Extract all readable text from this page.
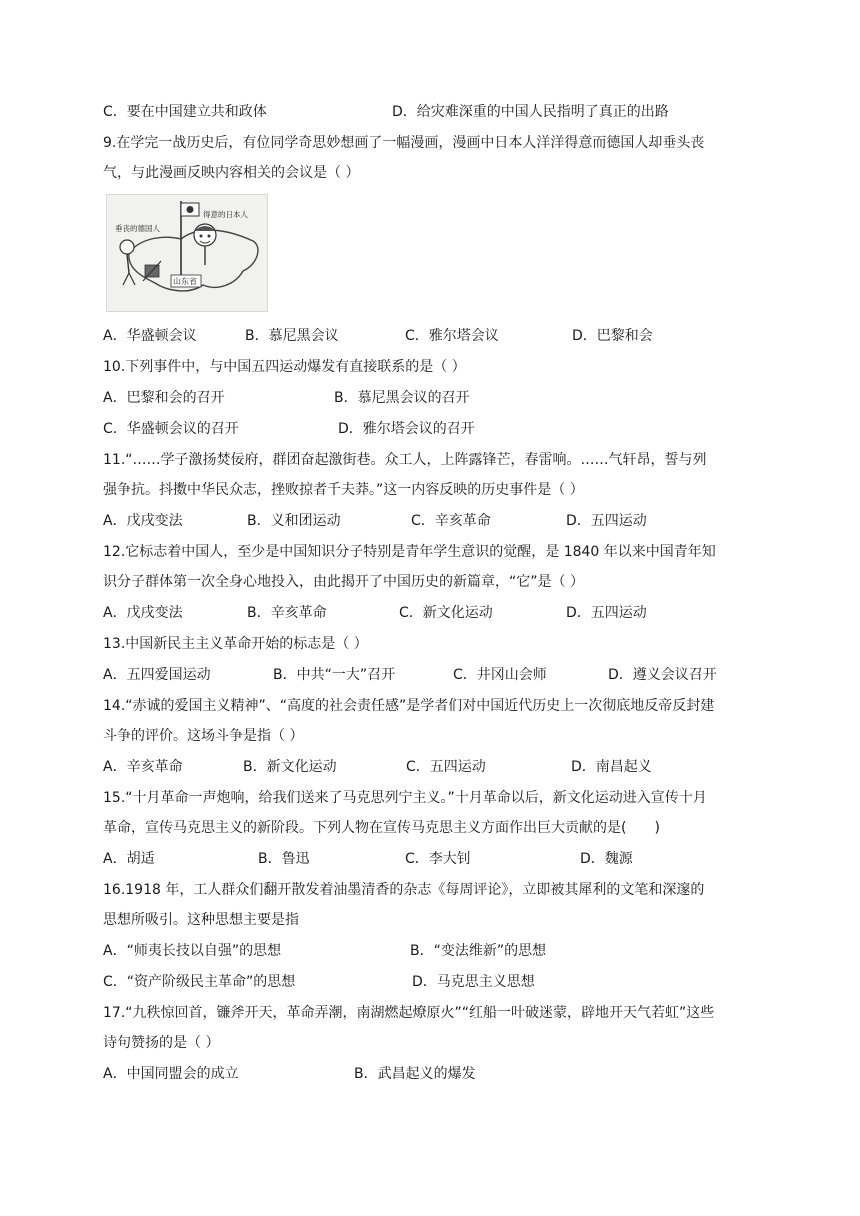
C．要在中国建立共和政体	D．给灾难深重的中国人民指明了真正的出路
9.在学完一战历史后，有位同学奇思妙想画了一幅漫画，漫画中日本人洋洋得意而德国人却垂头丧
气，与此漫画反映内容相关的会议是（ ）
垂丧的德国人
得意的日本人
山东省
A．华盛顿会议	B．慕尼黑会议	C．雅尔塔会议	D．巴黎和会
10.下列事件中，与中国五四运动爆发有直接联系的是（ ）
A．巴黎和会的召开	B．慕尼黑会议的召开
C．华盛顿会议的召开	D．雅尔塔会议的召开
11.“……学子激扬焚佞府，群团奋起激街巷。众工人，上阵露锋芒，春雷响。……气轩昂，誓与列
强争抗。抖擞中华民众志，挫败掠者千夫莽。”这一内容反映的历史事件是（ ）
A．戊戌变法	B．义和团运动	C．辛亥革命	D．五四运动
12.它标志着中国人，至少是中国知识分子特别是青年学生意识的觉醒，是 1840 年以来中国青年知
识分子群体第一次全身心地投入，由此揭开了中国历史的新篇章，“它”是（ ）
A．戊戌变法	B．辛亥革命	C．新文化运动	D．五四运动
13.中国新民主主义革命开始的标志是（ ）
A．五四爱国运动	B．中共“一大”召开	C．井冈山会师	D．遵义会议召开
14.“赤诚的爱国主义精神”、“高度的社会责任感”是学者们对中国近代历史上一次彻底地反帝反封建
斗争的评价。这场斗争是指（ ）
A．辛亥革命	B．新文化运动	C．五四运动	D．南昌起义
15.“十月革命一声炮响，给我们送来了马克思列宁主义。”十月革命以后，新文化运动进入宣传十月
革命，宣传马克思主义的新阶段。下列人物在宣传马克思主义方面作出巨大贡献的是(　　)
A．胡适	B．鲁迅	C．李大钊	D．魏源
16.1918 年，工人群众们翻开散发着油墨清香的杂志《每周评论》，立即被其犀利的文笔和深邃的
思想所吸引。这种思想主要是指
A．“师夷长技以自强”的思想	B．“变法维新”的思想
C．“资产阶级民主革命”的思想	D．马克思主义思想
17.“九秩惊回首，镰斧开天，革命弄潮，南湖燃起燎原火”“红船一叶破迷蒙，辟地开天气若虹”这些
诗句赞扬的是（ ）
A．中国同盟会的成立	B．武昌起义的爆发
